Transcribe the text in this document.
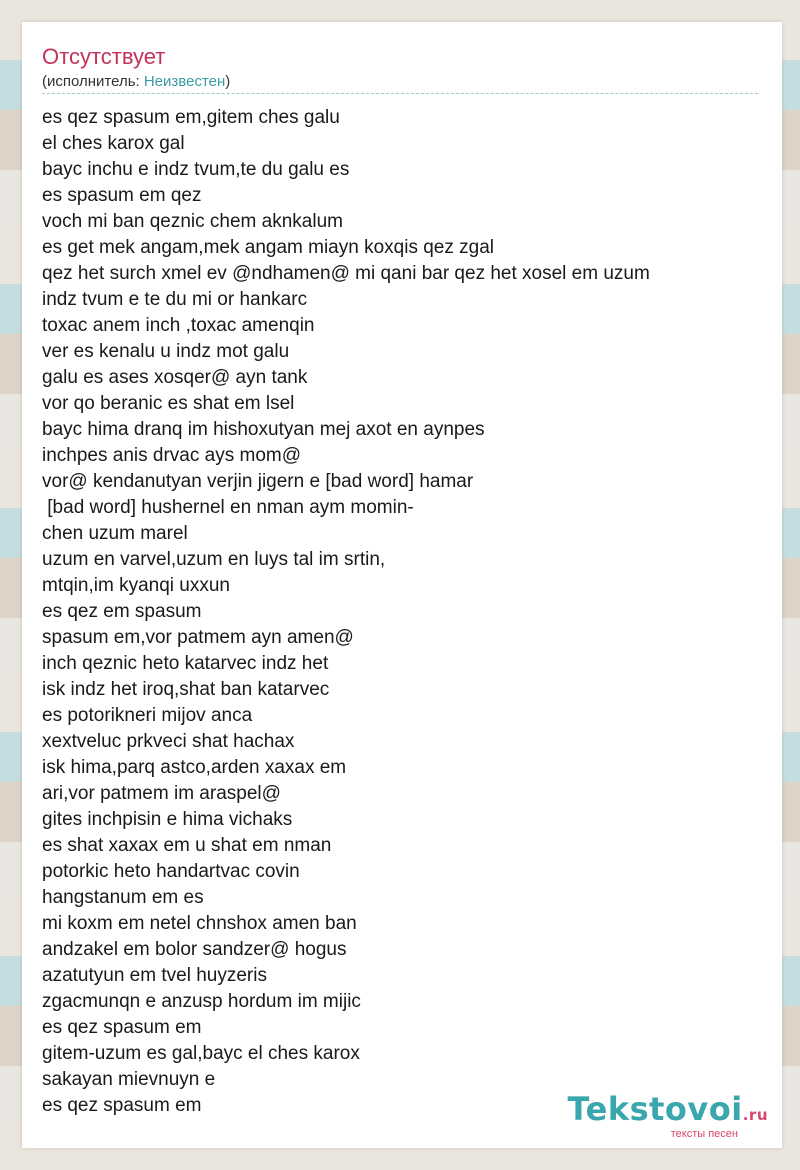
Отсутствует
(исполнитель: Неизвестен)
es qez spasum em,gitem ches galu
el ches karox gal
bayc inchu e indz tvum,te du galu es
es spasum em qez
voch mi ban qeznic chem aknkalum
es get mek angam,mek angam miayn koxqis qez zgal
qez het surch xmel ev @ndhamen@ mi qani bar qez het xosel em uzum
indz tvum e te du mi or hankarc
toxac anem inch ,toxac amenqin
ver es kenalu u indz mot galu
galu es ases xosqer@ ayn tank
vor qo beranic es shat em lsel
bayc hima dranq im hishoxutyan mej axot en aynpes
inchpes anis drvac ays mom@
vor@ kendanutyan verjin jigern e [bad word] hamar
[bad word] hushernel en nman aym momin-
chen uzum marel
uzum en varvel,uzum en luys tal im srtin,
mtqin,im kyanqi uxxun
es qez em spasum
spasum em,vor patmem ayn amen@
inch qeznic heto katarvec indz het
isk indz het iroq,shat ban katarvec
es potorikneri mijov anca
xextveluc prkveci shat hachax
isk hima,parq astco,arden xaxax em
ari,vor patmem im araspel@
gites inchpisin e hima vichaks
es shat xaxax em u shat em nman
potorkic heto handartvac covin
hangstanum em es
mi koxm em netel chnshox amen ban
andzakel em bolor sandzer@ hogus
azatutyun em tvel huyzeris
zgacmunqn e anzusp hordum im mijic
es qez spasum em
gitem-uzum es gal,bayc el ches karox
sakayan mievnuyn e
es qez spasum em	Tekstovoi.ru
тексты песен
